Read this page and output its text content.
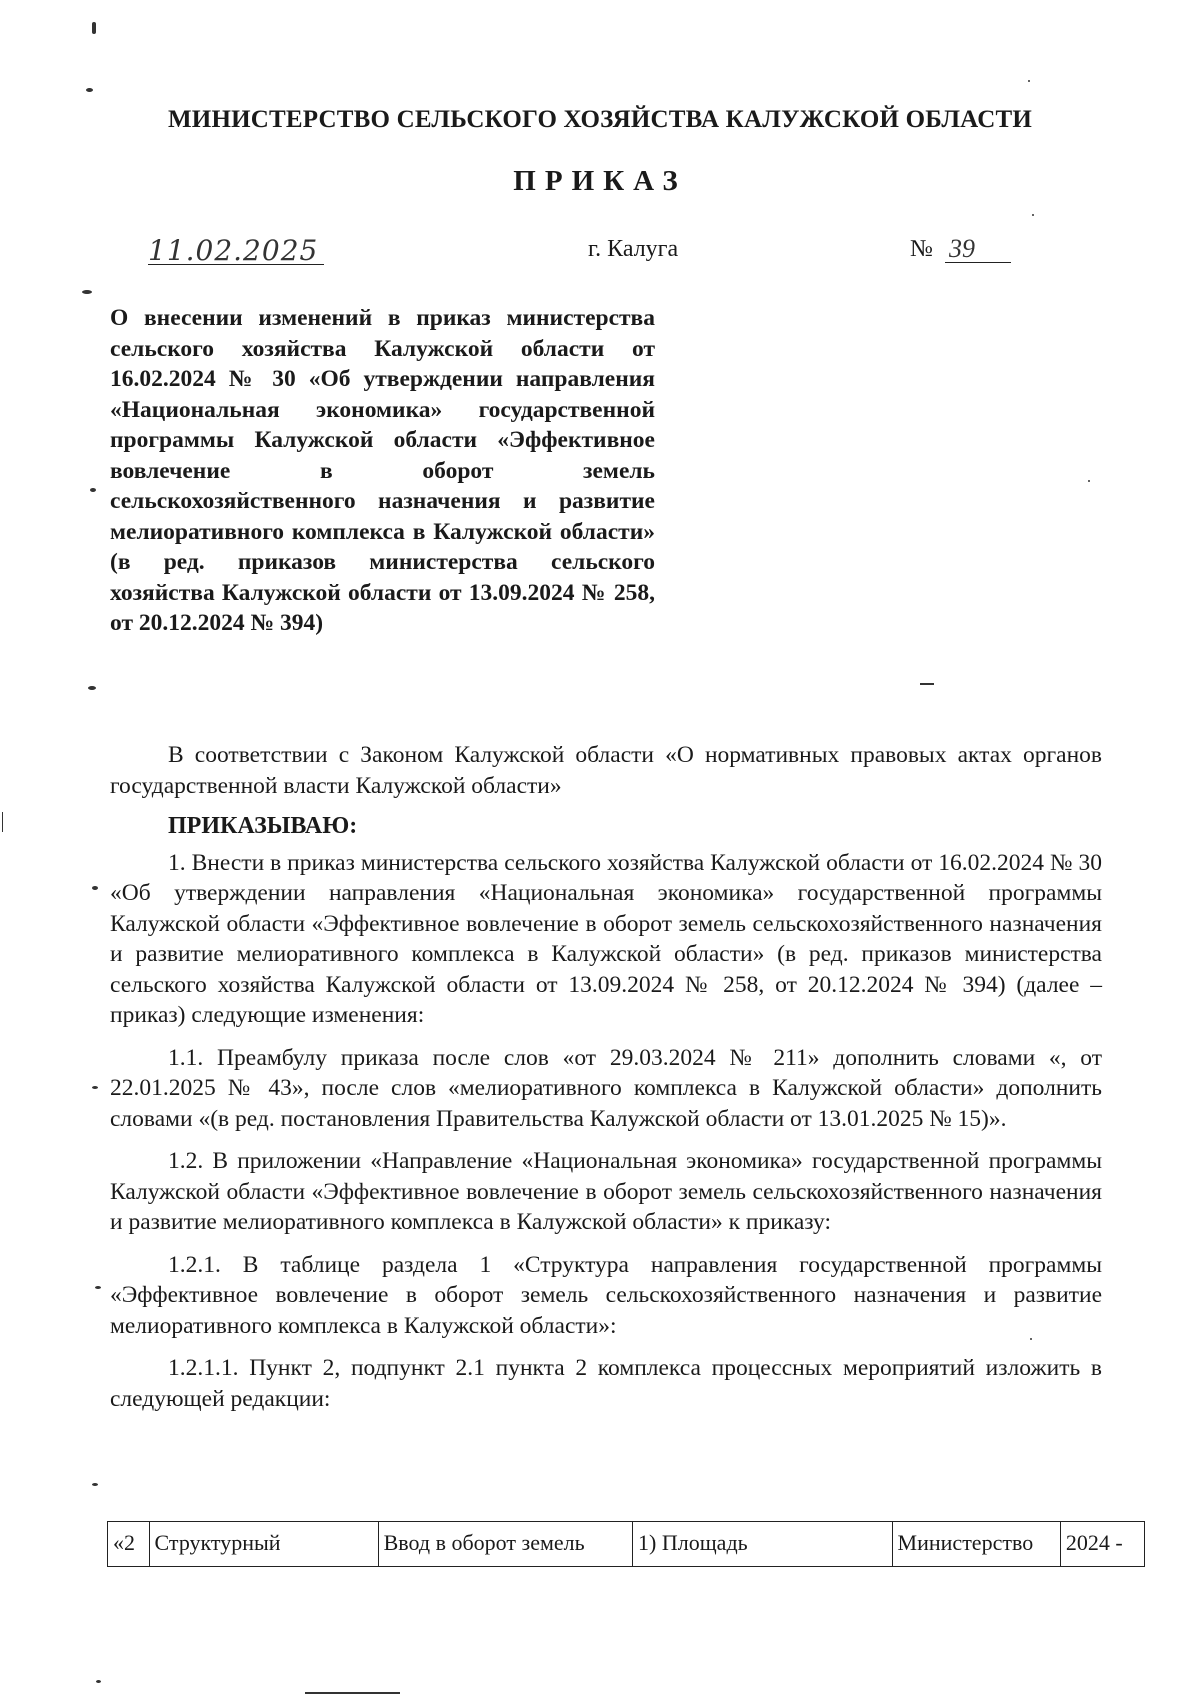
МИНИСТЕРСТВО СЕЛЬСКОГО ХОЗЯЙСТВА КАЛУЖСКОЙ ОБЛАСТИ
ПРИКАЗ
11.02.2025	г. Калуга	№ 39
О внесении изменений в приказ министерства сельского хозяйства Калужской области от 16.02.2024 № 30 «Об утверждении направления «Национальная экономика» государственной программы Калужской области «Эффективное вовлечение в оборот земель сельскохозяйственного назначения и развитие мелиоративного комплекса в Калужской области» (в ред. приказов министерства сельского хозяйства Калужской области от 13.09.2024 № 258, от 20.12.2024 № 394)

В соответствии с Законом Калужской области «О нормативных правовых актах органов государственной власти Калужской области»

ПРИКАЗЫВАЮ:

1. Внести в приказ министерства сельского хозяйства Калужской области от 16.02.2024 № 30 «Об утверждении направления «Национальная экономика» государственной программы Калужской области «Эффективное вовлечение в оборот земель сельскохозяйственного назначения и развитие мелиоративного комплекса в Калужской области» (в ред. приказов министерства сельского хозяйства Калужской области от 13.09.2024 № 258, от 20.12.2024 № 394) (далее – приказ) следующие изменения:

1.1. Преамбулу приказа после слов «от 29.03.2024 № 211» дополнить словами «, от 22.01.2025 № 43», после слов «мелиоративного комплекса в Калужской области» дополнить словами «(в ред. постановления Правительства Калужской области от 13.01.2025 № 15)».

1.2. В приложении «Направление «Национальная экономика» государственной программы Калужской области «Эффективное вовлечение в оборот земель сельскохозяйственного назначения и развитие мелиоративного комплекса в Калужской области» к приказу:

1.2.1. В таблице раздела 1 «Структура направления государственной программы «Эффективное вовлечение в оборот земель сельскохозяйственного назначения и развитие мелиоративного комплекса в Калужской области»:

1.2.1.1. Пункт 2, подпункт 2.1 пункта 2 комплекса процессных мероприятий изложить в следующей редакции:

«2	Структурный	Ввод в оборот земель	1) Площадь	Министерство	2024 -
